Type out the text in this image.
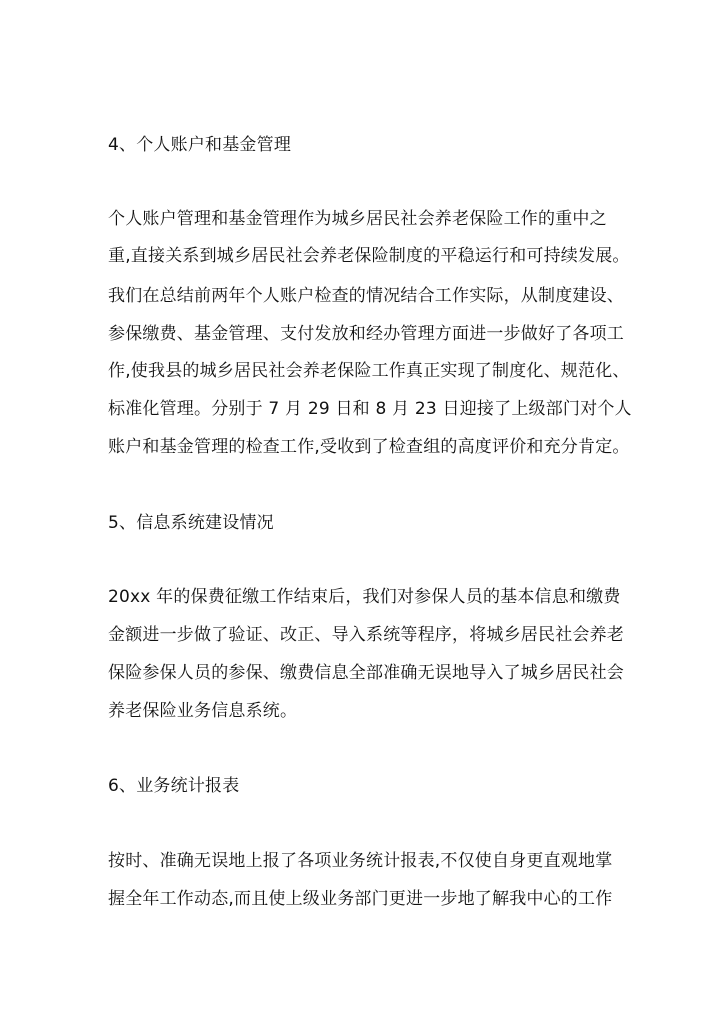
4、个人账户和基金管理
个人账户管理和基金管理作为城乡居民社会养老保险工作的重中之
重,直接关系到城乡居民社会养老保险制度的平稳运行和可持续发展。
我们在总结前两年个人账户检查的情况结合工作实际，从制度建设、
参保缴费、基金管理、支付发放和经办管理方面进一步做好了各项工
作,使我县的城乡居民社会养老保险工作真正实现了制度化、规范化、
标准化管理。分别于 7 月 29 日和 8 月 23 日迎接了上级部门对个人
账户和基金管理的检查工作,受收到了检查组的高度评价和充分肯定。
5、信息系统建设情况
20xx 年的保费征缴工作结束后，我们对参保人员的基本信息和缴费
金额进一步做了验证、改正、导入系统等程序，将城乡居民社会养老
保险参保人员的参保、缴费信息全部准确无误地导入了城乡居民社会
养老保险业务信息系统。
6、业务统计报表
按时、准确无误地上报了各项业务统计报表,不仅使自身更直观地掌
握全年工作动态,而且使上级业务部门更进一步地了解我中心的工作
